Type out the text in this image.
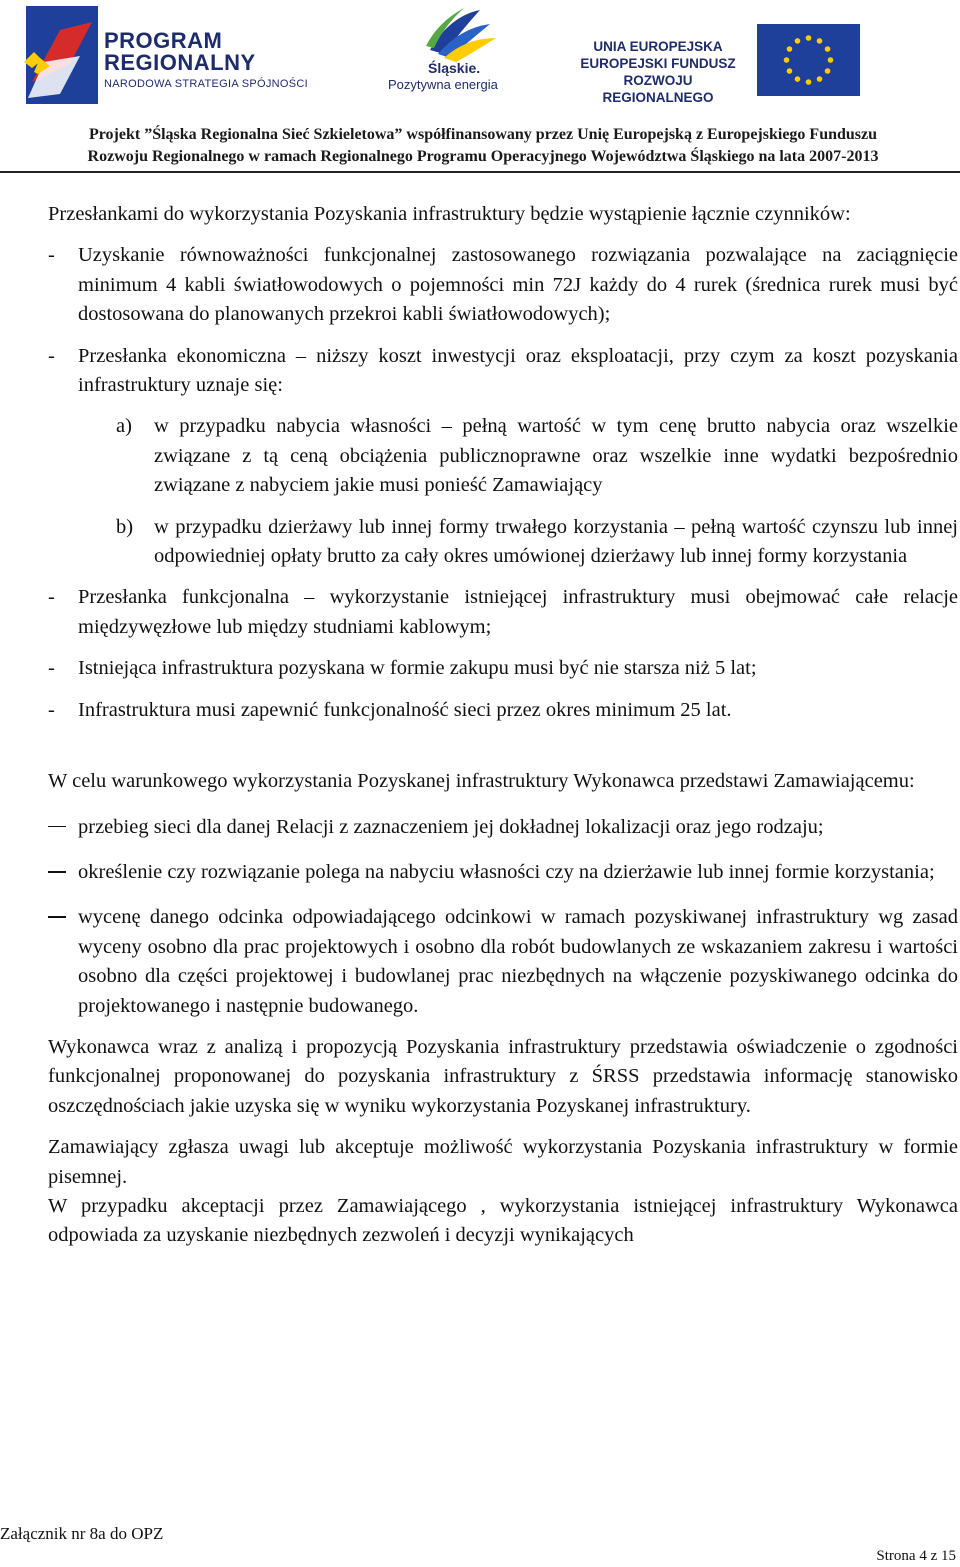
PROGRAM
REGIONALNY
NARODOWA STRATEGIA SPÓJNOŚCI
Śląskie.
Pozytywna energia
UNIA EUROPEJSKA
EUROPEJSKI FUNDUSZ
ROZWOJU REGIONALNEGO
Projekt ”Śląska Regionalna Sieć Szkieletowa” współfinansowany przez Unię Europejską z Europejskiego Funduszu
Rozwoju Regionalnego w ramach Regionalnego Programu Operacyjnego Województwa Śląskiego na lata 2007-2013

Przesłankami do wykorzystania Pozyskania infrastruktury będzie wystąpienie łącznie czynników:

- Uzyskanie równoważności funkcjonalnej zastosowanego rozwiązania pozwalające na zaciągnięcie minimum 4 kabli światłowodowych o pojemności min 72J każdy do 4 rurek (średnica rurek musi być dostosowana do planowanych przekroi kabli światłowodowych);
- Przesłanka ekonomiczna – niższy koszt inwestycji oraz eksploatacji, przy czym za koszt pozyskania infrastruktury uznaje się:
a) w przypadku nabycia własności – pełną wartość w tym cenę brutto nabycia oraz wszelkie związane z tą ceną obciążenia publicznoprawne oraz wszelkie inne wydatki bezpośrednio związane z nabyciem jakie musi ponieść Zamawiający
b) w przypadku dzierżawy lub innej formy trwałego korzystania – pełną wartość czynszu lub innej odpowiedniej opłaty brutto za cały okres umówionej dzierżawy lub innej formy korzystania
- Przesłanka funkcjonalna – wykorzystanie istniejącej infrastruktury musi obejmować całe relacje międzywęzłowe lub między studniami kablowym;
- Istniejąca infrastruktura pozyskana w formie zakupu musi być nie starsza niż 5 lat;
- Infrastruktura musi zapewnić funkcjonalność sieci przez okres minimum 25 lat.

W celu warunkowego wykorzystania Pozyskanej infrastruktury Wykonawca przedstawi Zamawiającemu:

przebieg sieci dla danej Relacji z zaznaczeniem jej dokładnej lokalizacji oraz jego rodzaju;
określenie czy rozwiązanie polega na nabyciu własności czy na dzierżawie lub innej formie korzystania;
wycenę danego odcinka odpowiadającego odcinkowi w ramach pozyskiwanej infrastruktury wg zasad wyceny osobno dla prac projektowych i osobno dla robót budowlanych ze wskazaniem zakresu i wartości osobno dla części projektowej i budowlanej prac niezbędnych na włączenie pozyskiwanego odcinka do projektowanego i następnie budowanego.

Wykonawca wraz z analizą i propozycją Pozyskania infrastruktury przedstawia oświadczenie o zgodności funkcjonalnej proponowanej do pozyskania infrastruktury z ŚRSS przedstawia informację stanowisko oszczędnościach jakie uzyska się w wyniku wykorzystania Pozyskanej infrastruktury.

Zamawiający zgłasza uwagi lub akceptuje możliwość wykorzystania Pozyskania infrastruktury w formie pisemnej.

W przypadku akceptacji przez Zamawiającego , wykorzystania istniejącej infrastruktury Wykonawca odpowiada za uzyskanie niezbędnych zezwoleń i decyzji wynikających

Załącznik nr 8a do OPZ
Strona 4 z 15
